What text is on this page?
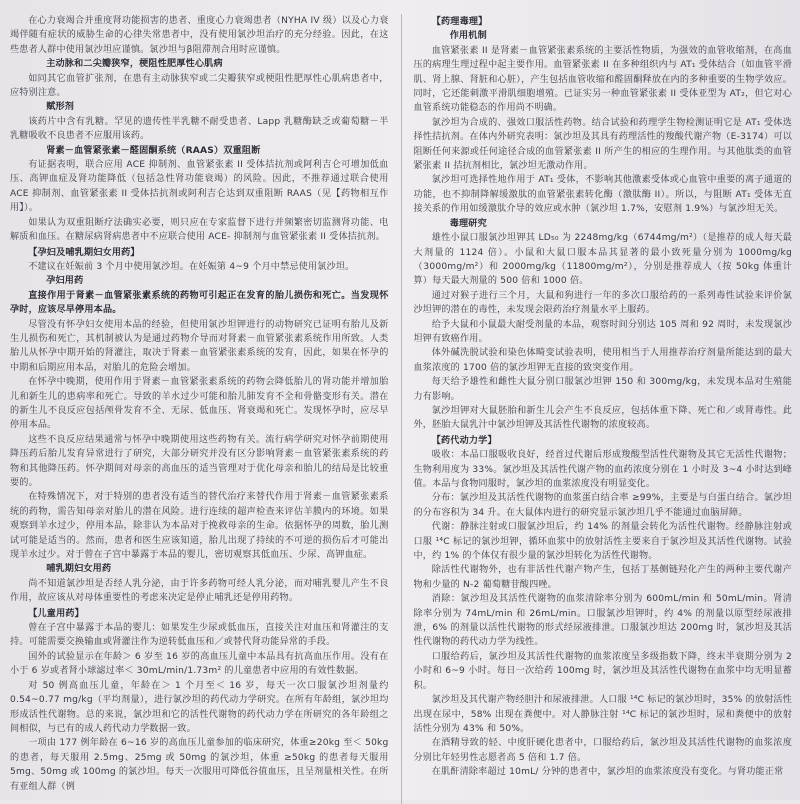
在心力衰竭合并重度肾功能损害的患者、重度心力衰竭患者（NYHA IV 级）以及心力衰竭伴随有症状的威胁生命的心律失常患者中，没有使用氯沙坦治疗的充分经验。因此，在这些患者人群中使用氯沙坦应谨慎。氯沙坦与β阻滞剂合用时应谨慎。

主动脉和二尖瓣狭窄，梗阻性肥厚性心肌病

如同其它血管扩张剂，在患有主动脉狭窄或二尖瓣狭窄或梗阻性肥厚性心肌病患者中，应特别注意。

赋形剂

该药片中含有乳糖。罕见的遗传性半乳糖不耐受患者、Lapp 乳糖酶缺乏或葡萄糖－半乳糖吸收不良患者不应服用该药。

肾素－血管紧张素－醛固酮系统（RAAS）双重阻断

有证据表明，联合应用 ACE 抑制剂、血管紧张素 II 受体拮抗剂或阿利吉仑可增加低血压、高钾血症及肾功能降低（包括急性肾功能衰竭）的风险。因此，不推荐通过联合使用 ACE 抑制剂、血管紧张素 II 受体拮抗剂或阿利吉仑达到双重阻断 RAAS（见【药物相互作用】）。

如果认为双重阻断疗法确实必要，则只应在专家监督下进行并频繁密切监测肾功能、电解质和血压。在糖尿病肾病患者中不应联合使用 ACE- 抑制剂与血管紧张素 II 受体拮抗剂。

【孕妇及哺乳期妇女用药】

不建议在妊娠前 3 个月中使用氯沙坦。在妊娠第 4~9 个月中禁忌使用氯沙坦。

孕妇用药

直接作用于肾素－血管紧张素系统的药物可引起正在发育的胎儿损伤和死亡。当发现怀孕时，应该尽早停用本品。

尽管没有怀孕妇女使用本品的经验，但使用氯沙坦钾进行的动物研究已证明有胎儿及新生儿损伤和死亡，其机制被认为是通过药物介导而对肾素－血管紧张素系统作用所致。人类胎儿从怀孕中期开始的肾灌注，取决于肾素－血管紧张素系统的发育，因此，如果在怀孕的中期和后期应用本品，对胎儿的危险会增加。

在怀孕中晚期，使用作用于肾素－血管紧张素系统的药物会降低胎儿的肾功能并增加胎儿和新生儿的患病率和死亡。导致的羊水过少可能和胎儿肺发育不全和骨骼变形有关。潜在的新生儿不良反应包括颅骨发育不全、无尿、低血压、肾衰竭和死亡。发现怀孕时，应尽早停用本品。

这些不良反应结果通常与怀孕中晚期使用这些药物有关。流行病学研究对怀孕前期使用降压药后胎儿发育异常进行了研究，大部分研究并没有区分影响肾素－血管紧张素系统的药物和其他降压药。怀孕期间对母亲的高血压的适当管理对于优化母亲和胎儿的结局是比较重要的。

在特殊情况下，对于特别的患者没有适当的替代治疗来替代作用于肾素－血管紧张素系统的药物，需告知母亲对胎儿的潜在风险。进行连续的超声检查来评估羊膜内的环境。如果观察到羊水过少，停用本品，除非认为本品对于挽救母亲的生命。依据怀孕的周数，胎儿测试可能是适当的。然而，患者和医生应该知道，胎儿出现了持续的不可逆的损伤后才可能出现羊水过少。对于曾在子宫中暴露于本品的婴儿，密切观察其低血压、少尿、高钾血症。

哺乳期妇女用药

尚不知道氯沙坦是否经人乳分泌，由于许多药物可经人乳分泌，而对哺乳婴儿产生不良作用，故应该从对母体重要性的考虑来决定是停止哺乳还是停用药物。

【儿童用药】

曾在子宫中暴露于本品的婴儿：如果发生少尿或低血压，直接关注对血压和肾灌注的支持。可能需要交换输血或肾灌注作为逆转低血压和／或替代肾功能异常的手段。

国外的试验显示在年龄＞ 6 岁至 16 岁的高血压儿童中本品具有抗高血压作用。没有在小于 6 岁或者肾小球滤过率＜ 30mL/min/1.73m² 的儿童患者中应用的有效性数据。

对 50 例高血压儿童，年龄在＞ 1 个月至＜ 16 岁，每天一次口服氯沙坦剂量约 0.54~0.77 mg/kg（平均剂量），进行氯沙坦的药代动力学研究。在所有年龄组，氯沙坦均形成活性代谢物。总的来说，氯沙坦和它的活性代谢物的药代动力学在所研究的各年龄组之间相似，与已有的成人药代动力学数据一致。

一项由 177 例年龄在 6~16 岁的高血压儿童参加的临床研究，体重≥20kg 至＜ 50kg 的患者，每天服用 2.5mg、25mg 或 50mg 的氯沙坦，体重 ≥50kg 的患者每天服用 5mg、50mg 或 100mg 的氯沙坦。每天一次服用可降低谷值血压，且呈剂量相关性。在所有亚组人群（例

【药理毒理】

作用机制

血管紧张素 II 是肾素－血管紧张素系统的主要活性物质，为强效的血管收缩剂，在高血压的病理生理过程中起主要作用。血管紧张素 II 在多种组织内与 AT₁ 受体结合（如血管平滑肌、肾上腺、肾脏和心脏），产生包括血管收缩和醛固酮释放在内的多种重要的生物学效应。同时，它还能刺激平滑肌细胞增殖。已证实另一种血管紧张素 II 受体亚型为 AT₂，但它对心血管系统功能稳态的作用尚不明确。

氯沙坦为合成的、强效口服活性药物。结合试验和药理学生物检测证明它是 AT₁ 受体选择性拮抗剂。在体内外研究表明：氯沙坦及其具有药理活性的羧酸代谢产物（E-3174）可以阻断任何来源或任何途径合成的血管紧张素 II 所产生的相应的生理作用。与其他肽类的血管紧张素 II 拮抗剂相比，氯沙坦无激动作用。

氯沙坦可选择性地作用于 AT₁ 受体，不影响其他激素受体或心血管中重要的离子通道的功能，也不抑制降解缓激肽的血管紧张素转化酶（激肽酶 II）。所以，与阻断 AT₁ 受体无直接关系的作用如缓激肽介导的效应或水肿（氯沙坦 1.7%，安慰剂 1.9%）与氯沙坦无关。

毒理研究

雄性小鼠口服氯沙坦钾其 LD₅₀ 为 2248mg/kg（6744mg/m²）（是推荐的成人每天最大剂量的 1124 倍）。小鼠和大鼠口服本品其显著的最小致死量分别为 1000mg/kg（3000mg/m²）和 2000mg/kg（11800mg/m²），分别是推荐成人（按 50kg 体重计算）每天最大剂量的 500 倍和 1000 倍。

通过对猴子进行三个月，大鼠和狗进行一年的多次口服给药的一系列毒性试验来评价氯沙坦钾的潜在的毒性，未发现会限药治疗剂量水平上服药。

给予大鼠和小鼠最大耐受剂量的本品，观察时间分别达 105 周和 92 周时，未发现氯沙坦钾有致癌作用。

体外碱洗脱试验和染色体畸变试验表明，使用相当于人用推荐治疗剂量所能达到的最大血浆浓度的 1700 倍的氯沙坦钾无直接的致突变作用。

每天给予雄性和雌性大鼠分别口服氯沙坦钾 150 和 300mg/kg，未发现本品对生殖能力有影响。

氯沙坦钾对大鼠胚胎和新生儿会产生不良反应，包括体重下降、死亡和／或肾毒性。此外，胚胎大鼠乳汁中氯沙坦钾及其活性代谢物的浓度较高。

【药代动力学】

吸收：本品口服吸收良好，经首过代谢后形成羧酸型活性代谢物及其它无活性代谢物；生物利用度为 33%。氯沙坦及其活性代谢产物的血药浓度分别在 1 小时及 3~4 小时达到峰值。本品与食物同服时，氯沙坦的血浆浓度没有明显变化。

分布：氯沙坦及其活性代谢物的血浆蛋白结合率 ≥99%，主要是与白蛋白结合。氯沙坦的分布容积为 34 升。在大鼠体内进行的研究显示氯沙坦几乎不能通过血脑屏障。

代谢：静脉注射或口服氯沙坦后，约 14% 的剂量会转化为活性代谢物。经静脉注射或口服 ¹⁴C 标记的氯沙坦钾，循环血浆中的放射活性主要来自于氯沙坦及其活性代谢物。试验中，约 1% 的个体仅有很少量的氯沙坦转化为活性代谢物。

除活性代谢物外，也有非活性代谢产物产生，包括丁基侧链羟化产生的两种主要代谢产物和少量的 N-2 葡萄糖苷酸四唑。

消除：氯沙坦及其活性代谢物的血浆清除率分别为 600mL/min 和 50mL/min。肾清除率分别为 74mL/min 和 26mL/min。口服氯沙坦钾时，约 4% 的剂量以原型经尿液排泄，6% 的剂量以活性代谢物的形式经尿液排泄。口服氯沙坦达 200mg 时，氯沙坦及其活性代谢物的药代动力学为线性。

口服给药后，氯沙坦及其活性代谢物的血浆浓度呈多级指数下降，终末半衰期分别为 2 小时和 6~9 小时。每日一次给药 100mg 时，氯沙坦及其活性代谢物在血浆中均无明显蓄积。

氯沙坦及其代谢产物经胆汁和尿液排泄。人口服 ¹⁴C 标记的氯沙坦时，35% 的放射活性出现在尿中，58% 出现在粪便中。对人静脉注射 ¹⁴C 标记的氯沙坦时，尿和粪便中的放射活性分别为 43% 和 50%。

在酒精导致的轻、中度肝硬化患者中，口服给药后，氯沙坦及其活性代谢物的血浆浓度分别比年轻男性志愿者高 5 倍和 1.7 倍。

在肌酐清除率超过 10mL/ 分钟的患者中，氯沙坦的血浆浓度没有变化。与肾功能正常
